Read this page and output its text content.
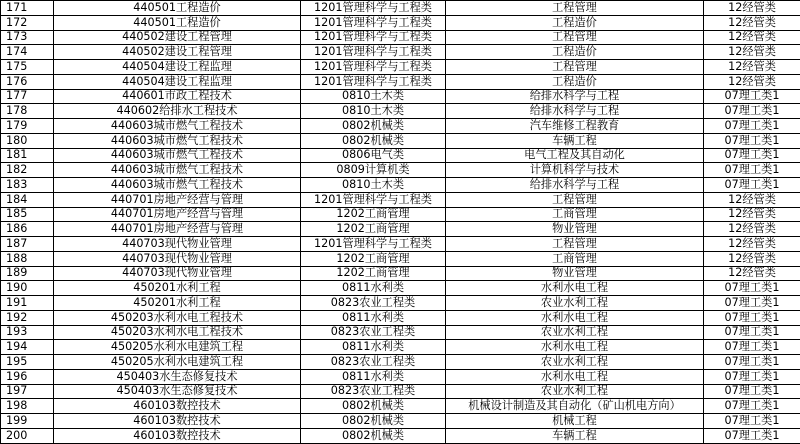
171	440501工程造价	1201管理科学与工程类	工程管理	12经管类
172	440501工程造价	1201管理科学与工程类	工程造价	12经管类
173	440502建设工程管理	1201管理科学与工程类	工程管理	12经管类
174	440502建设工程管理	1201管理科学与工程类	工程造价	12经管类
175	440504建设工程监理	1201管理科学与工程类	工程管理	12经管类
176	440504建设工程监理	1201管理科学与工程类	工程造价	12经管类
177	440601市政工程技术	0810土木类	给排水科学与工程	07理工类1
178	440602给排水工程技术	0810土木类	给排水科学与工程	07理工类1
179	440603城市燃气工程技术	0802机械类	汽车维修工程教育	07理工类1
180	440603城市燃气工程技术	0802机械类	车辆工程	07理工类1
181	440603城市燃气工程技术	0806电气类	电气工程及其自动化	07理工类1
182	440603城市燃气工程技术	0809计算机类	计算机科学与技术	07理工类1
183	440603城市燃气工程技术	0810土木类	给排水科学与工程	07理工类1
184	440701房地产经营与管理	1201管理科学与工程类	工程管理	12经管类
185	440701房地产经营与管理	1202工商管理	工商管理	12经管类
186	440701房地产经营与管理	1202工商管理	物业管理	12经管类
187	440703现代物业管理	1201管理科学与工程类	工程管理	12经管类
188	440703现代物业管理	1202工商管理	工商管理	12经管类
189	440703现代物业管理	1202工商管理	物业管理	12经管类
190	450201水利工程	0811水利类	水利水电工程	07理工类1
191	450201水利工程	0823农业工程类	农业水利工程	07理工类1
192	450203水利水电工程技术	0811水利类	水利水电工程	07理工类1
193	450203水利水电工程技术	0823农业工程类	农业水利工程	07理工类1
194	450205水利水电建筑工程	0811水利类	水利水电工程	07理工类1
195	450205水利水电建筑工程	0823农业工程类	农业水利工程	07理工类1
196	450403水生态修复技术	0811水利类	水利水电工程	07理工类1
197	450403水生态修复技术	0823农业工程类	农业水利工程	07理工类1
198	460103数控技术	0802机械类	机械设计制造及其自动化（矿山机电方向）	07理工类1
199	460103数控技术	0802机械类	机械工程	07理工类1
200	460103数控技术	0802机械类	车辆工程	07理工类1
